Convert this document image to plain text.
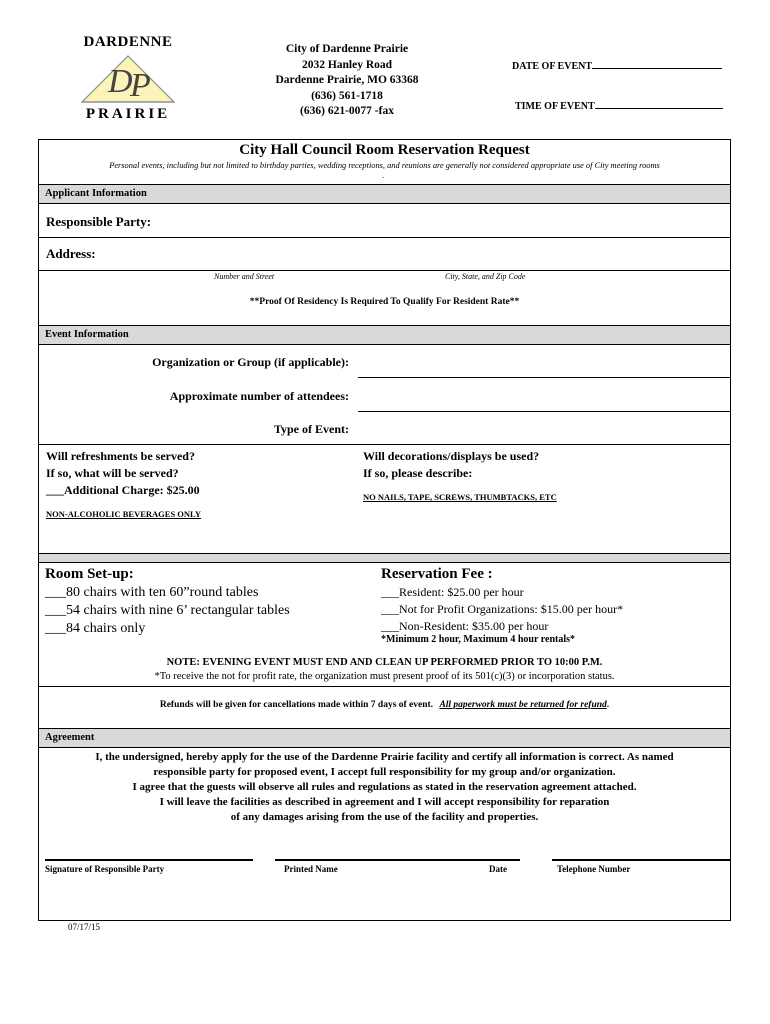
DARDENNE
D
P
PRAIRIE
City of Dardenne Prairie
2032 Hanley Road
Dardenne Prairie, MO 63368
(636) 561-1718
(636) 621-0077 -fax
DATE OF EVENT
TIME OF EVENT
City Hall Council Room Reservation Request
Personal events, including but not limited to birthday parties, wedding receptions, and reunions are generally not considered appropriate use of City meeting rooms
.
Applicant Information
Responsible Party:
Address:
Number and Street	City, State, and Zip Code
**Proof Of Residency Is Required To Qualify For Resident Rate**
Event Information
Organization or Group (if applicable):
Approximate number of attendees:
Type of Event:
Will refreshments be served?
If so, what will be served?
___Additional Charge: $25.00
NON-ALCOHOLIC BEVERAGES ONLY
Will decorations/displays be used?
If so, please describe:
NO NAILS, TAPE, SCREWS, THUMBTACKS, ETC
Room Set-up:
___80 chairs with ten 60”round tables
___54 chairs with nine 6’ rectangular tables
___84 chairs only
Reservation Fee :
___Resident: $25.00 per hour
___Not for Profit Organizations: $15.00 per hour*
___Non-Resident: $35.00 per hour
*Minimum 2 hour, Maximum 4 hour rentals*
NOTE: EVENING EVENT MUST END AND CLEAN UP PERFORMED PRIOR TO 10:00 P.M.
*To receive the not for profit rate, the organization must present proof of its 501(c)(3) or incorporation status.
Refunds will be given for cancellations made within 7 days of event. All paperwork must be returned for refund.
Agreement
I, the undersigned, hereby apply for the use of the Dardenne Prairie facility and certify all information is correct. As named
responsible party for proposed event, I accept full responsibility for my group and/or organization.
I agree that the guests will observe all rules and regulations as stated in the reservation agreement attached.
I will leave the facilities as described in agreement and I will accept responsibility for reparation
of any damages arising from the use of the facility and properties.
Signature of Responsible Party	Printed Name	Date	Telephone Number
07/17/15
